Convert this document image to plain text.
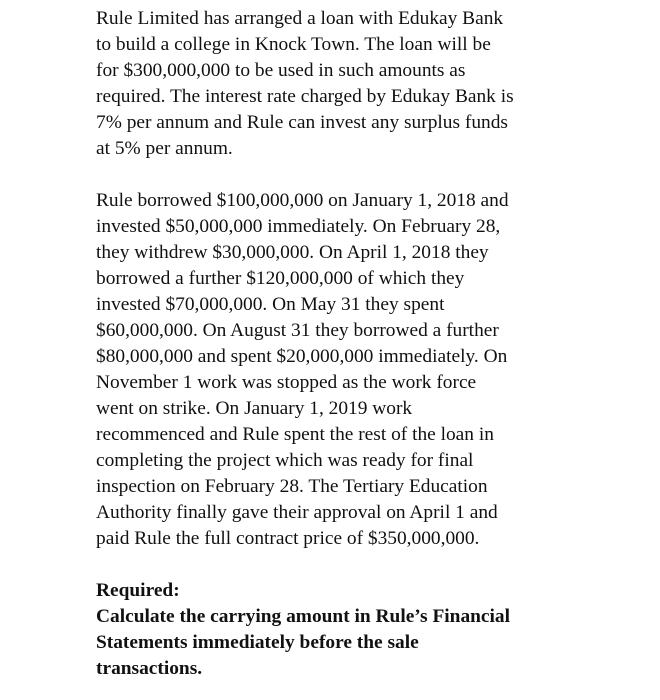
Rule Limited has arranged a loan with Edukay Bank
to build a college in Knock Town. The loan will be
for $300,000,000 to be used in such amounts as
required. The interest rate charged by Edukay Bank is
7% per annum and Rule can invest any surplus funds
at 5% per annum.
Rule borrowed $100,000,000 on January 1, 2018 and
invested $50,000,000 immediately. On February 28,
they withdrew $30,000,000. On April 1, 2018 they
borrowed a further $120,000,000 of which they
invested $70,000,000. On May 31 they spent
$60,000,000. On August 31 they borrowed a further
$80,000,000 and spent $20,000,000 immediately. On
November 1 work was stopped as the work force
went on strike. On January 1, 2019 work
recommenced and Rule spent the rest of the loan in
completing the project which was ready for final
inspection on February 28. The Tertiary Education
Authority finally gave their approval on April 1 and
paid Rule the full contract price of $350,000,000.
Required:
Calculate the carrying amount in Rule’s Financial
Statements immediately before the sale
transactions.
